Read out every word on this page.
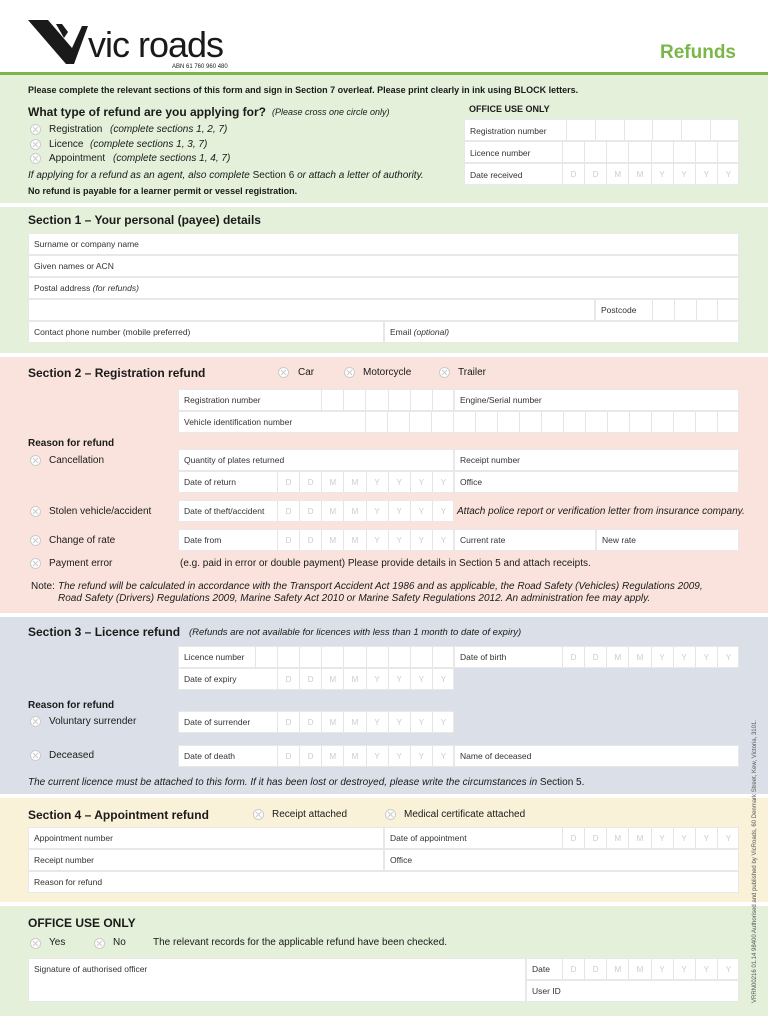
vic roads
ABN 61 760 960 480
Refunds
Please complete the relevant sections of this form and sign in Section 7 overleaf. Please print clearly in ink using BLOCK letters.
What type of refund are you applying for? (Please cross one circle only)
Registration (complete sections 1, 2, 7)
Licence (complete sections 1, 3, 7)
Appointment (complete sections 1, 4, 7)
If applying for a refund as an agent, also complete Section 6 or attach a letter of authority.
No refund is payable for a learner permit or vessel registration.
OFFICE USE ONLY
Registration number
Licence number
Date received	D	D	M	M	Y	Y	Y	Y
Section 1 – Your personal (payee) details
Surname or company name
Given names or ACN
Postal address (for refunds)
Postcode
Contact phone number (mobile preferred)	Email (optional)
Section 2 – Registration refund	Car	Motorcycle	Trailer
Registration number	Engine/Serial number
Vehicle identification number
Reason for refund
Cancellation	Quantity of plates returned	Receipt number
Date of return	D	D	M	M	Y	Y	Y	Y	Office
Stolen vehicle/accident	Date of theft/accident	D	D	M	M	Y	Y	Y	Y	Attach police report or verification letter from insurance company.
Change of rate	Date from	D	D	M	M	Y	Y	Y	Y	Current rate	New rate
Payment error	(e.g. paid in error or double payment) Please provide details in Section 5 and attach receipts.
Note: The refund will be calculated in accordance with the Transport Accident Act 1986 and as applicable, the Road Safety (Vehicles) Regulations 2009,
Road Safety (Drivers) Regulations 2009, Marine Safety Act 2010 or Marine Safety Regulations 2012. An administration fee may apply.
Section 3 – Licence refund (Refunds are not available for licences with less than 1 month to date of expiry)
Licence number	Date of birth	D	D	M	M	Y	Y	Y	Y
Date of expiry	D	D	M	M	Y	Y	Y	Y
Reason for refund
Voluntary surrender	Date of surrender	D	D	M	M	Y	Y	Y	Y
Deceased	Date of death	D	D	M	M	Y	Y	Y	Y	Name of deceased
The current licence must be attached to this form. If it has been lost or destroyed, please write the circumstances in Section 5.
Section 4 – Appointment refund	Receipt attached	Medical certificate attached
Appointment number	Date of appointment	D	D	M	M	Y	Y	Y	Y
Receipt number	Office
Reason for refund
OFFICE USE ONLY
Yes	No	The relevant records for the applicable refund have been checked.
Signature of authorised officer	Date	D	D	M	M	Y	Y	Y	Y
User ID	VRRN00216 01.14 98400 Authorised and published by VicRoads, 60 Denmark Street, Kew, Victoria, 3101.
